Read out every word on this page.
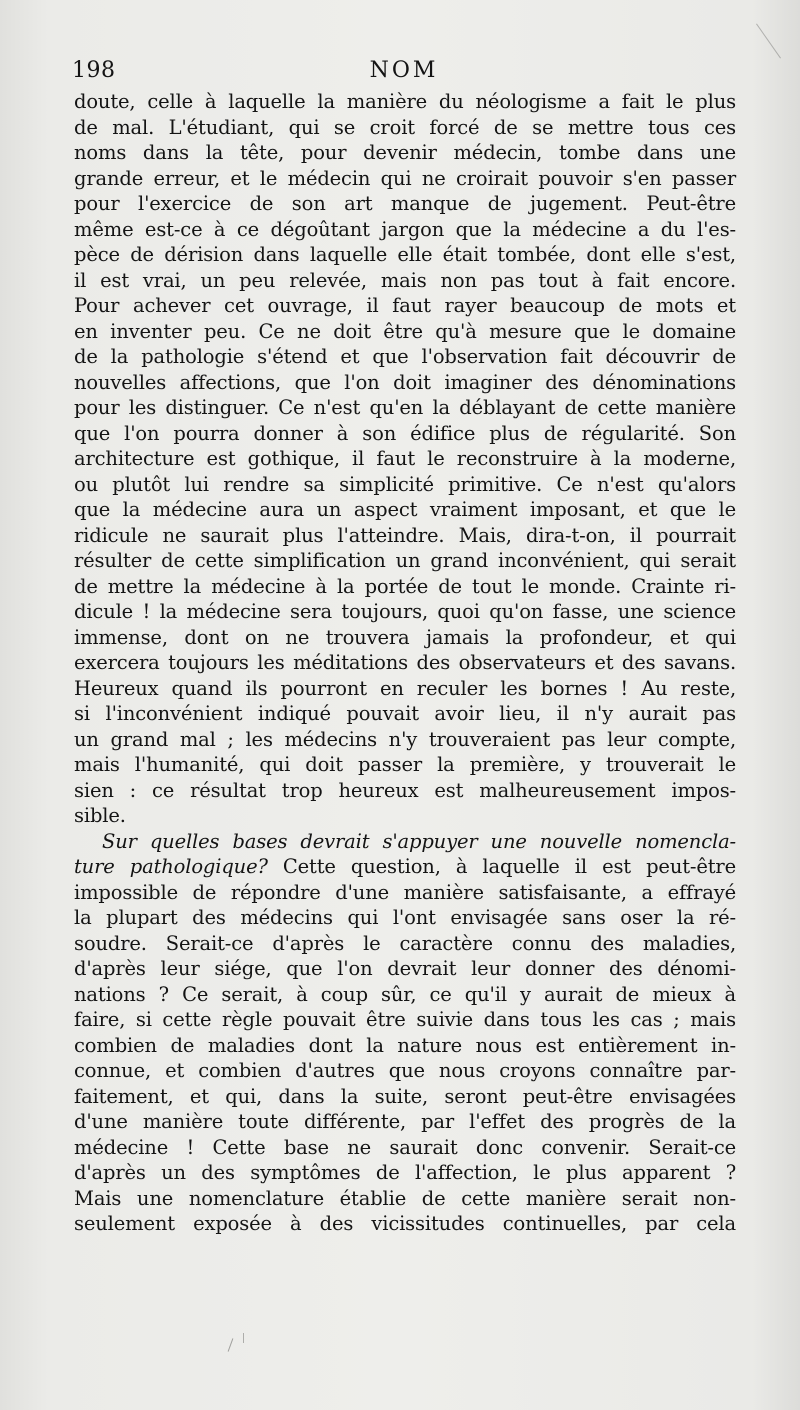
198	NOM
doute, celle à laquelle la manière du néologisme a fait le plus
de mal. L'étudiant, qui se croit forcé de se mettre tous ces
noms dans la tête, pour devenir médecin, tombe dans une
grande erreur, et le médecin qui ne croirait pouvoir s'en passer
pour l'exercice de son art manque de jugement. Peut-être
même est-ce à ce dégoûtant jargon que la médecine a du l'es-
pèce de dérision dans laquelle elle était tombée, dont elle s'est,
il est vrai, un peu relevée, mais non pas tout à fait encore.
Pour achever cet ouvrage, il faut rayer beaucoup de mots et
en inventer peu. Ce ne doit être qu'à mesure que le domaine
de la pathologie s'étend et que l'observation fait découvrir de
nouvelles affections, que l'on doit imaginer des dénominations
pour les distinguer. Ce n'est qu'en la déblayant de cette manière
que l'on pourra donner à son édifice plus de régularité. Son
architecture est gothique, il faut le reconstruire à la moderne,
ou plutôt lui rendre sa simplicité primitive. Ce n'est qu'alors
que la médecine aura un aspect vraiment imposant, et que le
ridicule ne saurait plus l'atteindre. Mais, dira-t-on, il pourrait
résulter de cette simplification un grand inconvénient, qui serait
de mettre la médecine à la portée de tout le monde. Crainte ri-
dicule ! la médecine sera toujours, quoi qu'on fasse, une science
immense, dont on ne trouvera jamais la profondeur, et qui
exercera toujours les méditations des observateurs et des savans.
Heureux quand ils pourront en reculer les bornes ! Au reste,
si l'inconvénient indiqué pouvait avoir lieu, il n'y aurait pas
un grand mal ; les médecins n'y trouveraient pas leur compte,
mais l'humanité, qui doit passer la première, y trouverait le
sien : ce résultat trop heureux est malheureusement impos-
sible.
Sur quelles bases devrait s'appuyer une nouvelle nomencla-
ture pathologique? Cette question, à laquelle il est peut-être
impossible de répondre d'une manière satisfaisante, a effrayé
la plupart des médecins qui l'ont envisagée sans oser la ré-
soudre. Serait-ce d'après le caractère connu des maladies,
d'après leur siége, que l'on devrait leur donner des dénomi-
nations ? Ce serait, à coup sûr, ce qu'il y aurait de mieux à
faire, si cette règle pouvait être suivie dans tous les cas ; mais
combien de maladies dont la nature nous est entièrement in-
connue, et combien d'autres que nous croyons connaître par-
faitement, et qui, dans la suite, seront peut-être envisagées
d'une manière toute différente, par l'effet des progrès de la
médecine ! Cette base ne saurait donc convenir. Serait-ce
d'après un des symptômes de l'affection, le plus apparent ?
Mais une nomenclature établie de cette manière serait non-
seulement exposée à des vicissitudes continuelles, par cela
